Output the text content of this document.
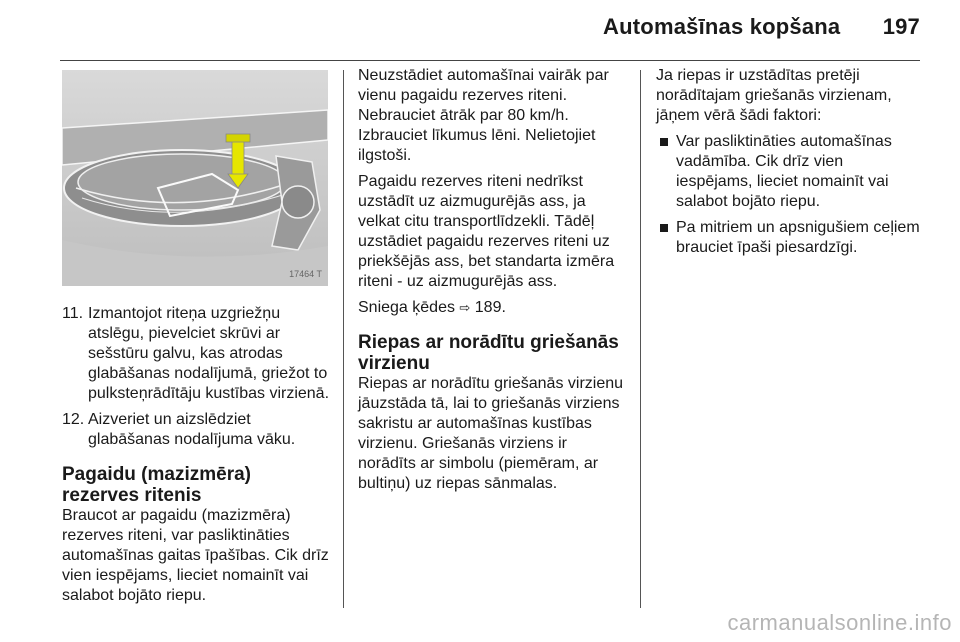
Automašīnas kopšana 197
17464 T
11. Izmantojot riteņa uzgriežņu atslēgu, pievelciet skrūvi ar sešstūru galvu, kas atrodas glabāšanas nodalījumā, griežot to pulksteņrādītāju kustības virzienā.
12. Aizveriet un aizslēdziet glabāšanas nodalījuma vāku.
Pagaidu (mazizmēra) rezerves ritenis

Braucot ar pagaidu (mazizmēra) rezerves riteni, var pasliktināties automašīnas gaitas īpašības. Cik drīz vien iespējams, lieciet nomainīt vai salabot bojāto riepu.

Neuzstādiet automašīnai vairāk par vienu pagaidu rezerves riteni. Nebrauciet ātrāk par 80 km/h. Izbrauciet līkumus lēni. Nelietojiet ilgstoši.

Pagaidu rezerves riteni nedrīkst uzstādīt uz aizmugurējās ass, ja velkat citu transportlīdzekli. Tādēļ uzstādiet pagaidu rezerves riteni uz priekšējās ass, bet standarta izmēra riteni - uz aizmugurējās ass.

Sniega ķēdes ⇨ 189.

Riepas ar norādītu griešanās virzienu

Riepas ar norādītu griešanās virzienu jāuzstāda tā, lai to griešanās virziens sakristu ar automašīnas kustības virzienu. Griešanās virziens ir norādīts ar simbolu (piemēram, ar bultiņu) uz riepas sānmalas.

Ja riepas ir uzstādītas pretēji norādītajam griešanās virzienam, jāņem vērā šādi faktori:

Var pasliktināties automašīnas vadāmība. Cik drīz vien iespējams, lieciet nomainīt vai salabot bojāto riepu.
Pa mitriem un apsnigušiem ceļiem brauciet īpaši piesardzīgi.
carmanualsonline.info
